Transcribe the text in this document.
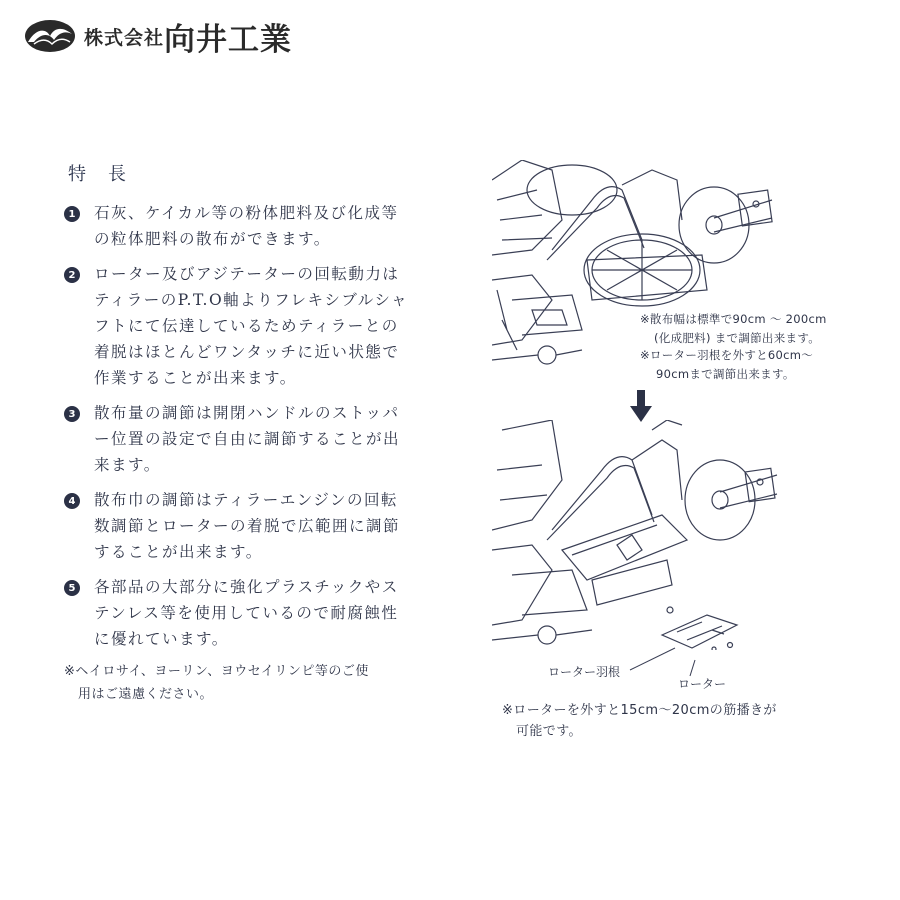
株式会社 向井工業
特長
1 石灰、ケイカル等の粉体肥料及び化成等の粒体肥料の散布ができます。
2 ローター及びアジテーターの回転動力はティラーのP.T.O軸よりフレキシブルシャフトにて伝達しているためティラーとの着脱はほとんどワンタッチに近い状態で作業することが出来ます。
3 散布量の調節は開閉ハンドルのストッパー位置の設定で自由に調節することが出来ます。
4 散布巾の調節はティラーエンジンの回転数調節とローターの着脱で広範囲に調節することが出来ます。
5 各部品の大部分に強化プラスチックやステンレス等を使用しているので耐腐蝕性に優れています。
※ヘイロサイ、ヨーリン、ヨウセイリンピ等のご使
用はご遠慮ください。
※散布幅は標準で90cm ～ 200cm
(化成肥料) まで調節出来ます。
※ローター羽根を外すと60cm～
90cmまで調節出来ます。
ローター羽根
ローター
※ローターを外すと15cm～20cmの筋播きが
可能です。
